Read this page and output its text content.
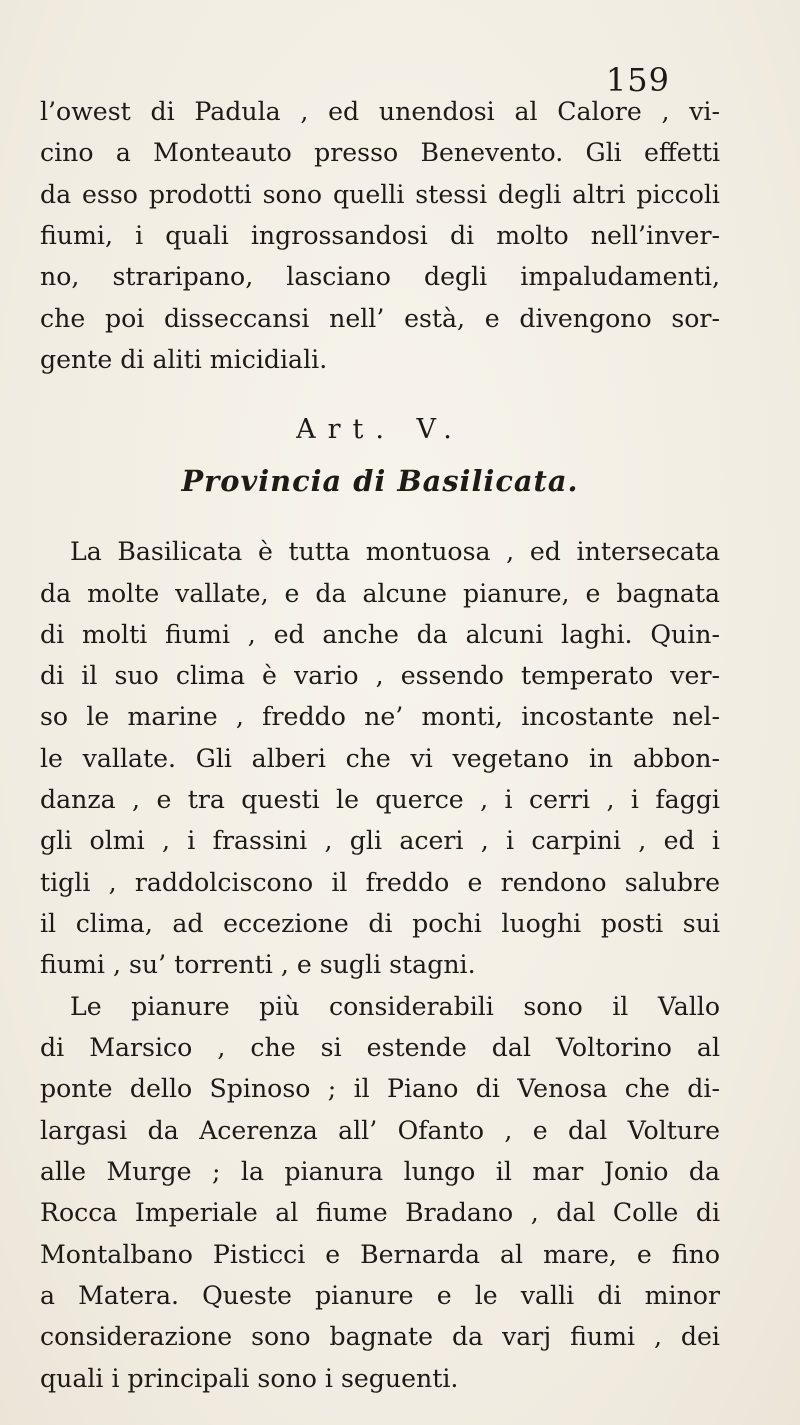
159
l’owest di Padula , ed unendosi al Calore , vi-
cino a Monteauto presso Benevento. Gli effetti
da esso prodotti sono quelli stessi degli altri piccoli
fiumi, i quali ingrossandosi di molto nell’inver-
no, straripano, lasciano degli impaludamenti,
che poi disseccansi nell’ està, e divengono sor-
gente di aliti micidiali.
Art. V.
Provincia di Basilicata.
La Basilicata è tutta montuosa , ed intersecata
da molte vallate, e da alcune pianure, e bagnata
di molti fiumi , ed anche da alcuni laghi. Quin-
di il suo clima è vario , essendo temperato ver-
so le marine , freddo ne’ monti, incostante nel-
le vallate. Gli alberi che vi vegetano in abbon-
danza , e tra questi le querce , i cerri , i faggi
gli olmi , i frassini , gli aceri , i carpini , ed i
tigli , raddolciscono il freddo e rendono salubre
il clima, ad eccezione di pochi luoghi posti sui
fiumi , su’ torrenti , e sugli stagni.
Le pianure più considerabili sono il Vallo
di Marsico , che si estende dal Voltorino al
ponte dello Spinoso ; il Piano di Venosa che di-
largasi da Acerenza all’ Ofanto , e dal Volture
alle Murge ; la pianura lungo il mar Jonio da
Rocca Imperiale al fiume Bradano , dal Colle di
Montalbano Pisticci e Bernarda al mare, e fino
a Matera. Queste pianure e le valli di minor
considerazione sono bagnate da varj fiumi , dei
quali i principali sono i seguenti.
